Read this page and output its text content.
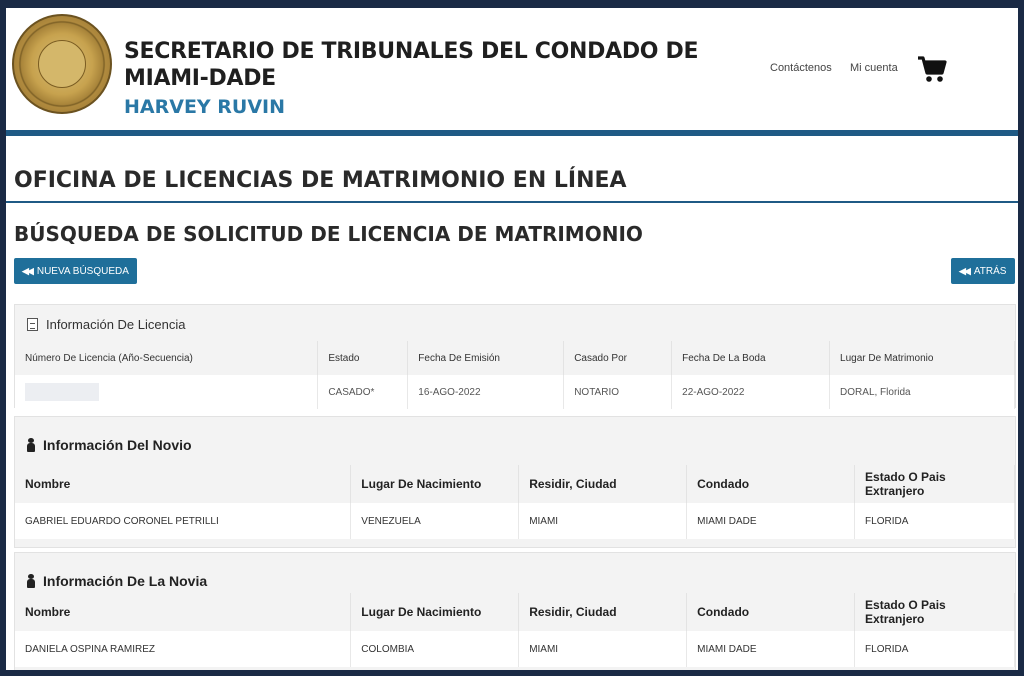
SECRETARIO DE TRIBUNALES DEL CONDADO DE MIAMI-DADE
HARVEY RUVIN
Contáctenos Mi cuenta
OFICINA DE LICENCIAS DE MATRIMONIO EN LÍNEA
BÚSQUEDA DE SOLICITUD DE LICENCIA DE MATRIMONIO
◀◀ NUEVA BÚSQUEDA	◀◀ ATRÁS
Información De Licencia
Número De Licencia (Año-Secuencia)	Estado	Fecha De Emisión	Casado Por	Fecha De La Boda	Lugar De Matrimonio
	CASADO*	16-AGO-2022	NOTARIO	22-AGO-2022	DORAL, Florida
Información Del Novio
Nombre	Lugar De Nacimiento	Residir, Ciudad	Condado	Estado O Pais Extranjero
GABRIEL EDUARDO CORONEL PETRILLI	VENEZUELA	MIAMI	MIAMI DADE	FLORIDA
Información De La Novia
Nombre	Lugar De Nacimiento	Residir, Ciudad	Condado	Estado O Pais Extranjero
DANIELA OSPINA RAMIREZ	COLOMBIA	MIAMI	MIAMI DADE	FLORIDA
